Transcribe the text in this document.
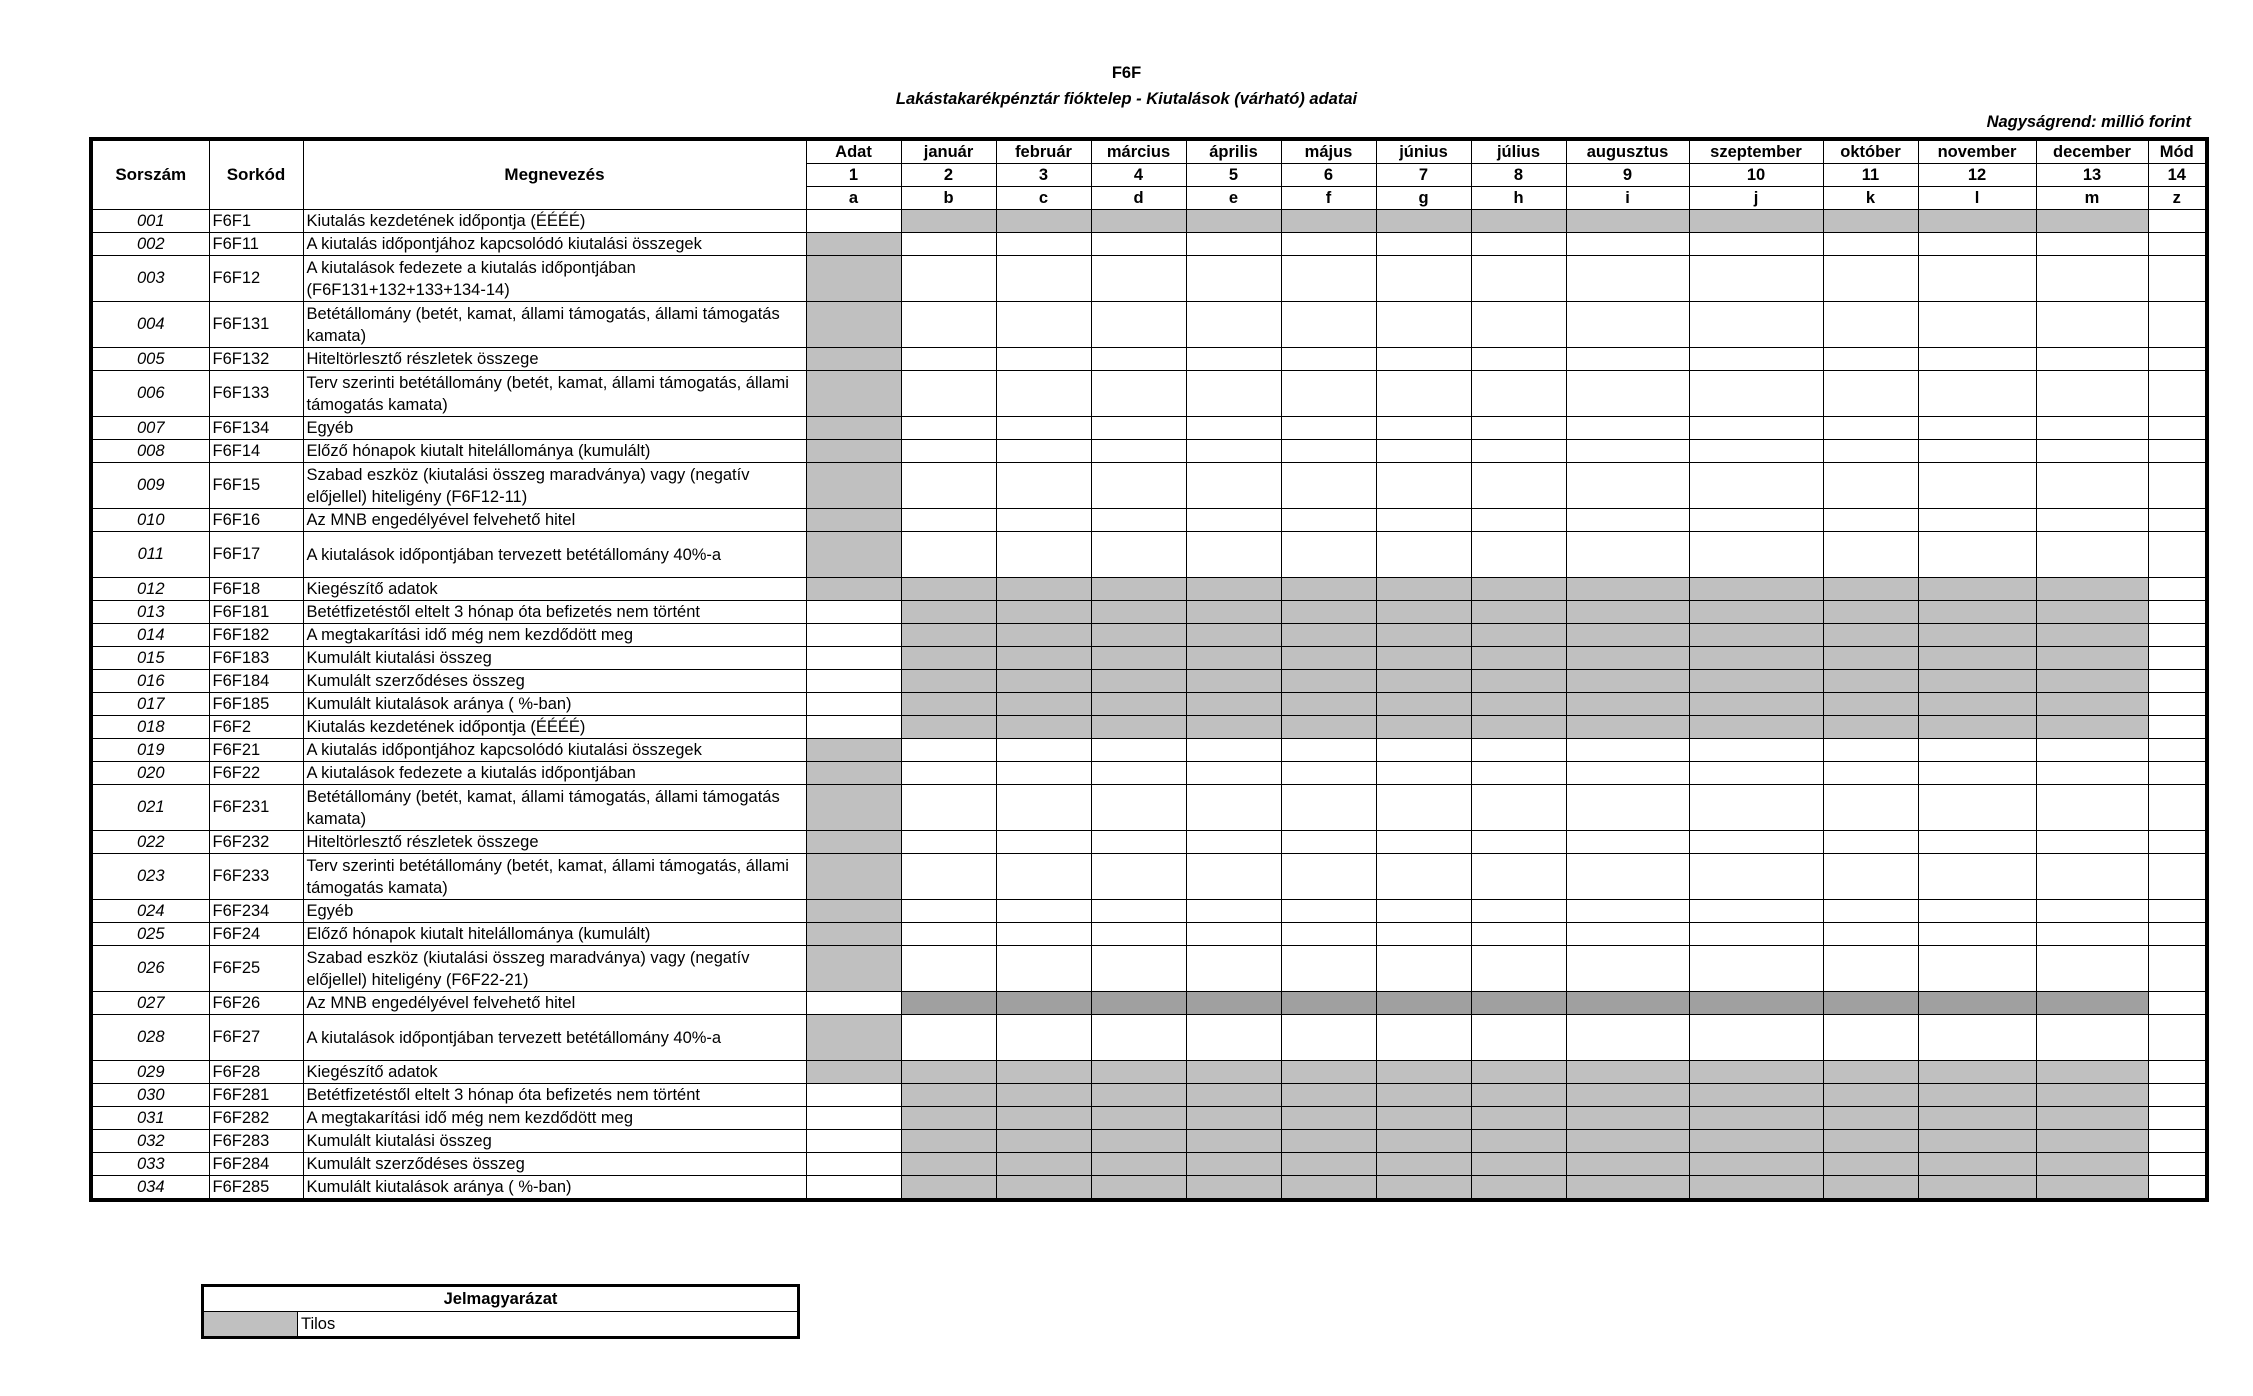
F6F
Lakástakarékpénztár fióktelep - Kiutalások (várható) adatai
Nagyságrend: millió forint
Sorszám	Sorkód	Megnevezés	Adat	január	február	március	április	május	június	július	augusztus	szeptember	október	november	december	Mód
			1	2	3	4	5	6	7	8	9	10	11	12	13	14
			a	b	c	d	e	f	g	h	i	j	k	l	m	z
001	F6F1	Kiutalás kezdetének időpontja (ÉÉÉÉ)														
002	F6F11	A kiutalás időpontjához kapcsolódó kiutalási összegek														
003	F6F12	A kiutalások fedezete a kiutalás időpontjában (F6F131+132+133+134-14)														
004	F6F131	Betétállomány (betét, kamat, állami támogatás, állami támogatás kamata)														
005	F6F132	Hiteltörlesztő részletek összege														
006	F6F133	Terv szerinti betétállomány (betét, kamat, állami támogatás, állami támogatás kamata)														
007	F6F134	Egyéb														
008	F6F14	Előző hónapok kiutalt hitelállománya (kumulált)														
009	F6F15	Szabad eszköz (kiutalási összeg maradványa) vagy (negatív előjellel) hiteligény (F6F12-11)														
010	F6F16	Az MNB engedélyével felvehető hitel														
011	F6F17	A kiutalások időpontjában tervezett betétállomány 40%-a														
012	F6F18	Kiegészítő adatok														
013	F6F181	Betétfizetéstől eltelt 3 hónap óta befizetés nem történt														
014	F6F182	A megtakarítási idő még nem kezdődött meg														
015	F6F183	Kumulált kiutalási összeg														
016	F6F184	Kumulált szerződéses összeg														
017	F6F185	Kumulált kiutalások aránya ( %-ban)														
018	F6F2	Kiutalás kezdetének időpontja (ÉÉÉÉ)														
019	F6F21	A kiutalás időpontjához kapcsolódó kiutalási összegek														
020	F6F22	A kiutalások fedezete a kiutalás időpontjában														
021	F6F231	Betétállomány (betét, kamat, állami támogatás, állami támogatás kamata)														
022	F6F232	Hiteltörlesztő részletek összege														
023	F6F233	Terv szerinti betétállomány (betét, kamat, állami támogatás, állami támogatás kamata)														
024	F6F234	Egyéb														
025	F6F24	Előző hónapok kiutalt hitelállománya (kumulált)														
026	F6F25	Szabad eszköz (kiutalási összeg maradványa) vagy (negatív előjellel) hiteligény (F6F22-21)														
027	F6F26	Az MNB engedélyével felvehető hitel														
028	F6F27	A kiutalások időpontjában tervezett betétállomány 40%-a														
029	F6F28	Kiegészítő adatok														
030	F6F281	Betétfizetéstől eltelt 3 hónap óta befizetés nem történt														
031	F6F282	A megtakarítási idő még nem kezdődött meg														
032	F6F283	Kumulált kiutalási összeg														
033	F6F284	Kumulált szerződéses összeg														
034	F6F285	Kumulált kiutalások aránya ( %-ban)														
Jelmagyarázat
	Tilos
